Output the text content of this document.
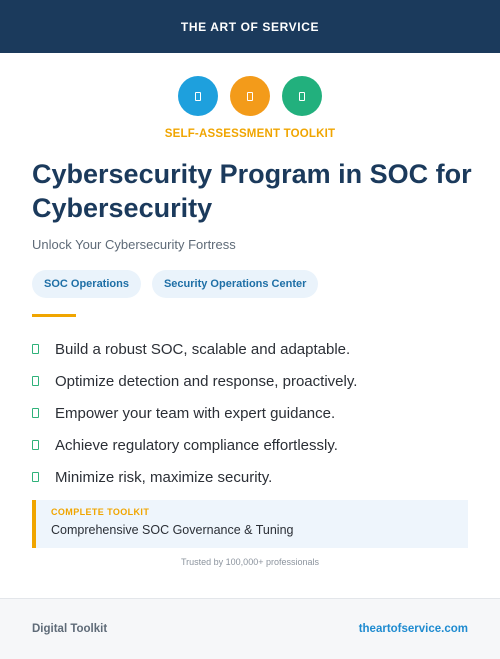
THE ART OF SERVICE
SELF-ASSESSMENT TOOLKIT
Cybersecurity Program in SOC for Cybersecurity
Unlock Your Cybersecurity Fortress
SOC Operations	Security Operations Center
Build a robust SOC, scalable and adaptable.
Optimize detection and response, proactively.
Empower your team with expert guidance.
Achieve regulatory compliance effortlessly.
Minimize risk, maximize security.
COMPLETE TOOLKIT
Comprehensive SOC Governance & Tuning
Trusted by 100,000+ professionals
Digital Toolkit	theartofservice.com
